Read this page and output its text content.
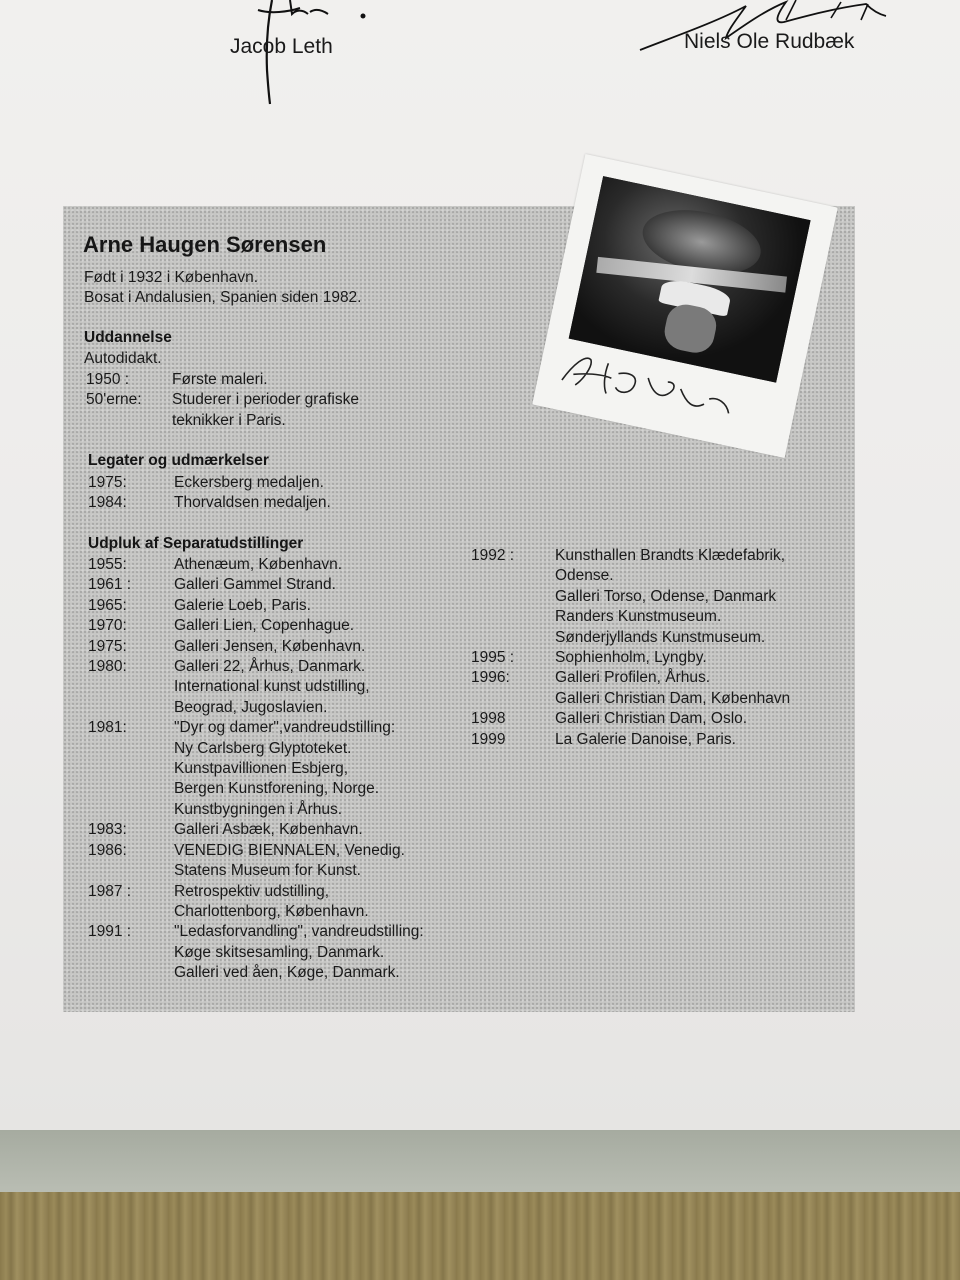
Jacob Leth	Niels Ole Rudbæk
Arne Haugen Sørensen
Født i 1932 i København.
Bosat i Andalusien, Spanien siden 1982.
Uddannelse
Autodidakt.
1950 :	Første maleri.
50'erne:	Studerer i perioder grafiske
teknikker i Paris.
Legater og udmærkelser
1975:	Eckersberg medaljen.
1984:	Thorvaldsen medaljen.
Udpluk af Separatudstillinger
1955:	Athenæum, København.
1961 :	Galleri Gammel Strand.
1965:	Galerie Loeb, Paris.
1970:	Galleri Lien, Copenhague.
1975:	Galleri Jensen, København.
1980:	Galleri 22, Århus, Danmark.
International kunst udstilling,
Beograd, Jugoslavien.
1981:	"Dyr og damer",vandreudstilling:
Ny Carlsberg Glyptoteket.
Kunstpavillionen Esbjerg,
Bergen Kunstforening, Norge.
Kunstbygningen i Århus.
1983:	Galleri Asbæk, København.
1986:	VENEDIG BIENNALEN, Venedig.
Statens Museum for Kunst.
1987 :	Retrospektiv udstilling,
Charlottenborg, København.
1991 :	"Ledasforvandling", vandreudstilling:
Køge skitsesamling, Danmark.
Galleri ved åen, Køge, Danmark.
1992 :	Kunsthallen Brandts Klædefabrik,
Odense.
Galleri Torso, Odense, Danmark
Randers Kunstmuseum.
Sønderjyllands Kunstmuseum.
1995 :	Sophienholm, Lyngby.
1996:	Galleri Profilen, Århus.
Galleri Christian Dam, København
1998	Galleri Christian Dam, Oslo.
1999	La Galerie Danoise, Paris.
